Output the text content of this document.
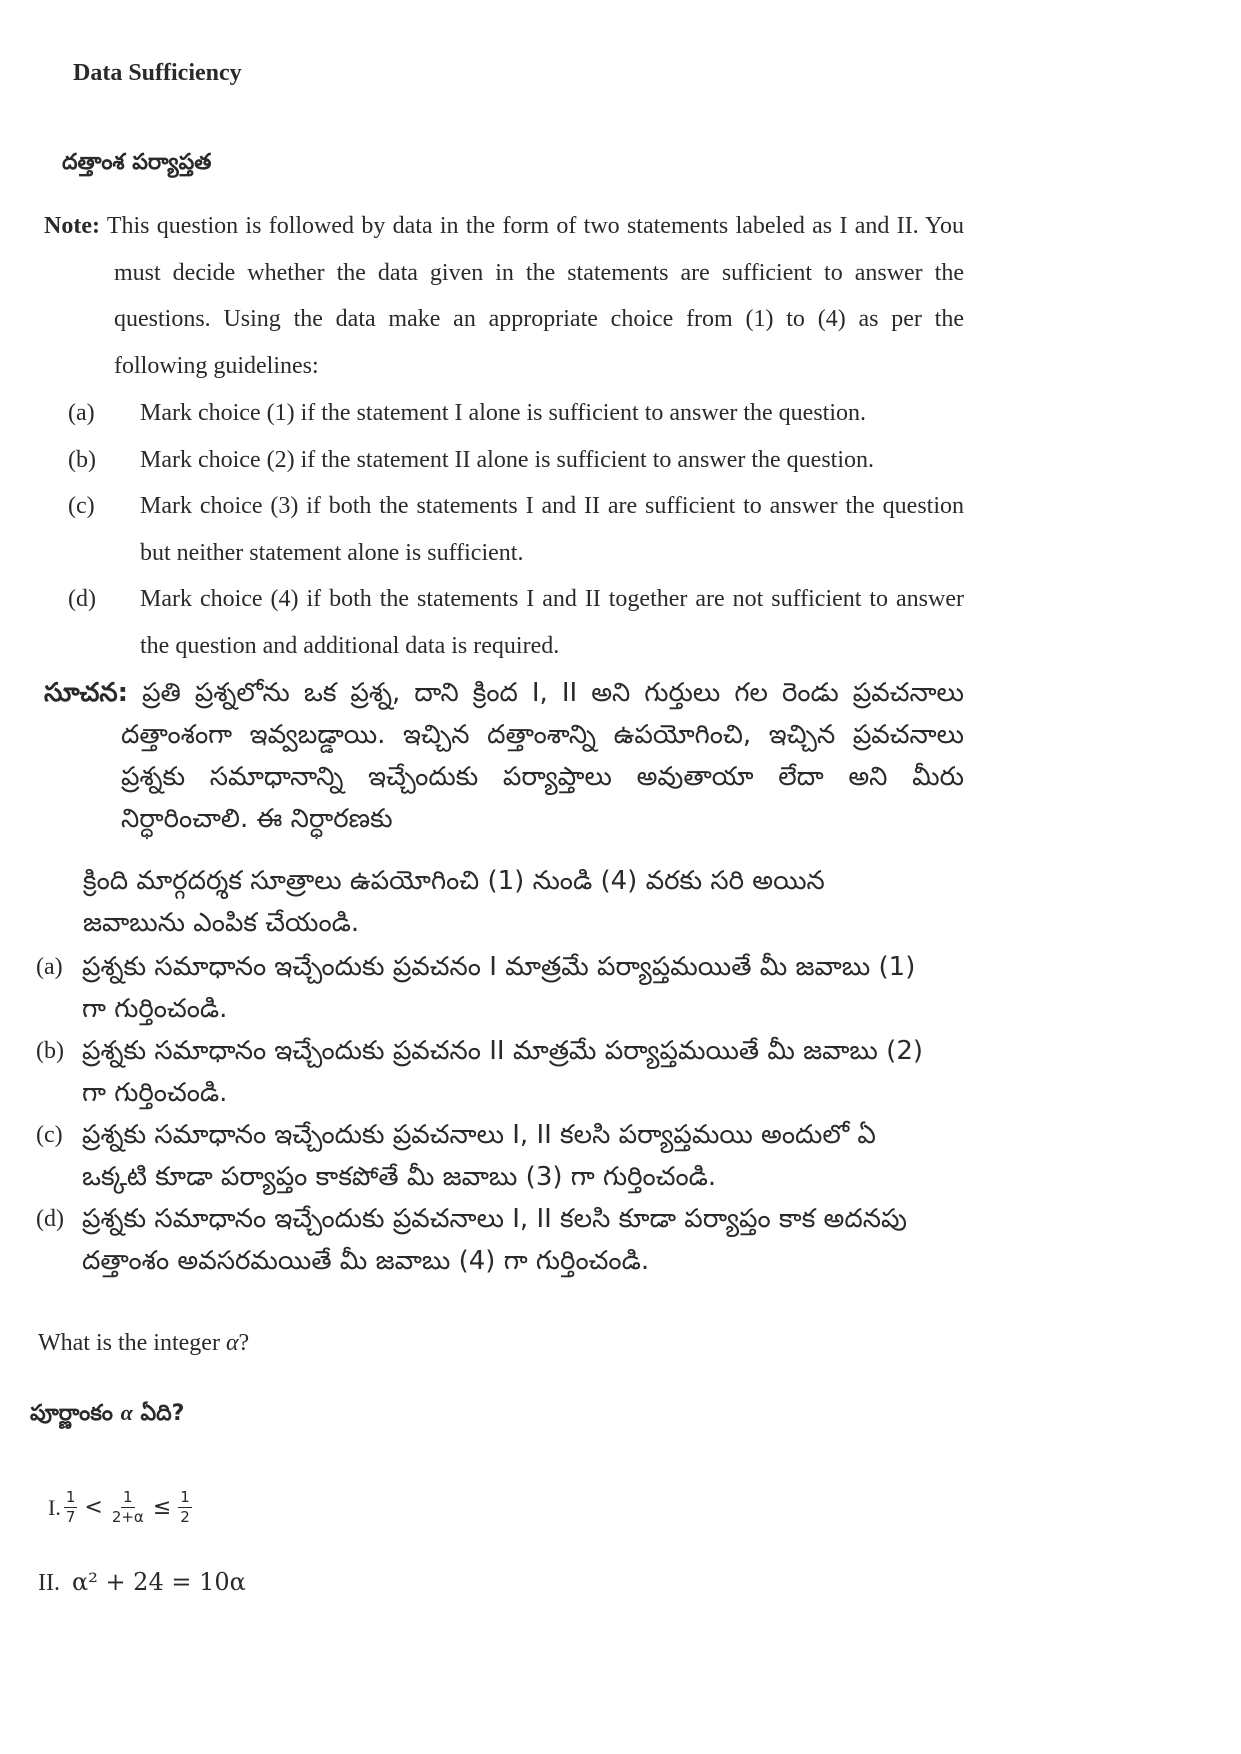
Data Sufficiency
దత్తాంశ పర్యాప్తత
Note: This question is followed by data in the form of two statements labeled as I and II. You must decide whether the data given in the statements are sufficient to answer the questions. Using the data make an appropriate choice from (1) to (4) as per the following guidelines:
(a)	Mark choice (1) if the statement I alone is sufficient to answer the question.
(b)	Mark choice (2) if the statement II alone is sufficient to answer the question.
(c)	Mark choice (3) if both the statements I and II are sufficient to answer the question but neither statement alone is sufficient.
(d)	Mark choice (4) if both the statements I and II together are not sufficient to answer the question and additional data is required.
సూచన: ప్రతి ప్రశ్నలోను ఒక ప్రశ్న, దాని క్రింద I, II అని గుర్తులు గల రెండు ప్రవచనాలు దత్తాంశంగా ఇవ్వబడ్డాయి. ఇచ్చిన దత్తాంశాన్ని ఉపయోగించి, ఇచ్చిన ప్రవచనాలు ప్రశ్నకు సమాధానాన్ని ఇచ్చేందుకు పర్యాప్తాలు అవుతాయా లేదా అని మీరు నిర్ధారించాలి. ఈ నిర్ధారణకు
క్రింది మార్గదర్శక సూత్రాలు ఉపయోగించి (1) నుండి (4) వరకు సరి అయిన జవాబును ఎంపిక చేయండి.
(a) ప్రశ్నకు సమాధానం ఇచ్చేందుకు ప్రవచనం I మాత్రమే పర్యాప్తమయితే మీ జవాబు (1) గా గుర్తించండి.
(b) ప్రశ్నకు సమాధానం ఇచ్చేందుకు ప్రవచనం II మాత్రమే పర్యాప్తమయితే మీ జవాబు (2) గా గుర్తించండి.
(c) ప్రశ్నకు సమాధానం ఇచ్చేందుకు ప్రవచనాలు I, II కలసి పర్యాప్తమయి అందులో ఏ ఒక్కటి కూడా పర్యాప్తం కాకపోతే మీ జవాబు (3) గా గుర్తించండి.
(d) ప్రశ్నకు సమాధానం ఇచ్చేందుకు ప్రవచనాలు I, II కలసి కూడా పర్యాప్తం కాక అదనపు దత్తాంశం అవసరమయితే మీ జవాబు (4) గా గుర్తించండి.
What is the integer α?
పూర్ణాంకం α ఏది?
I. $\frac{1}{7} < \frac{1}{2+\alpha} \le \frac{1}{2}$
II. α² + 24 = 10α
